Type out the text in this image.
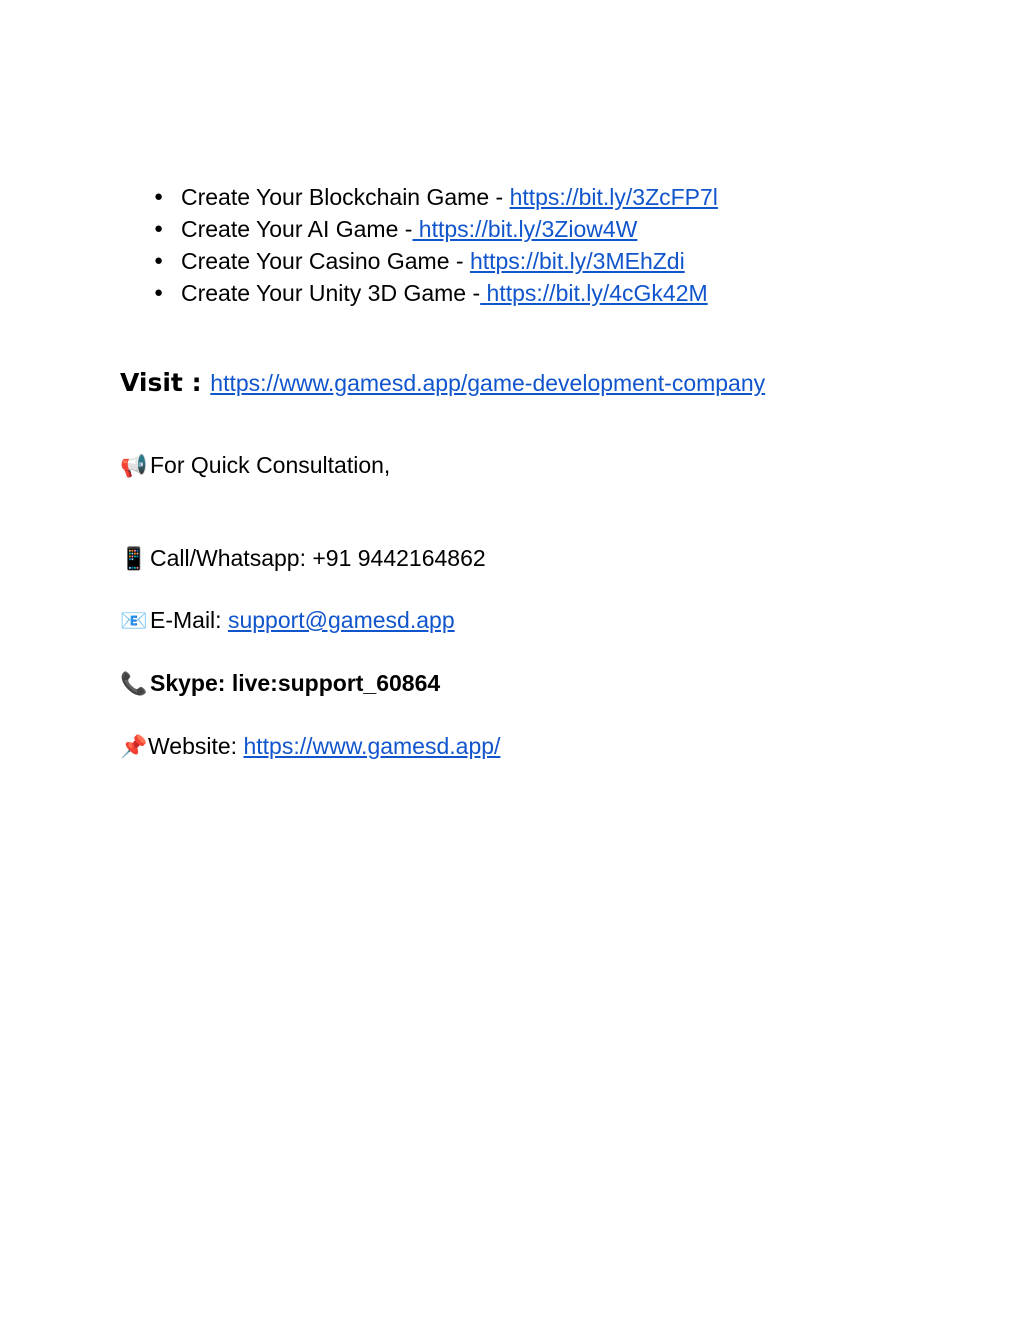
● Create Your Blockchain Game - https://bit.ly/3ZcFP7l
● Create Your AI Game - https://bit.ly/3Ziow4W
● Create Your Casino Game - https://bit.ly/3MEhZdi
● Create Your Unity 3D Game - https://bit.ly/4cGk42M
Visit : https://www.gamesd.app/game-development-company
📢 For Quick Consultation,
📱 Call/Whatsapp: +91 9442164862
📧 E-Mail: support@gamesd.app
📞 Skype: live:support_60864
📌Website: https://www.gamesd.app/
